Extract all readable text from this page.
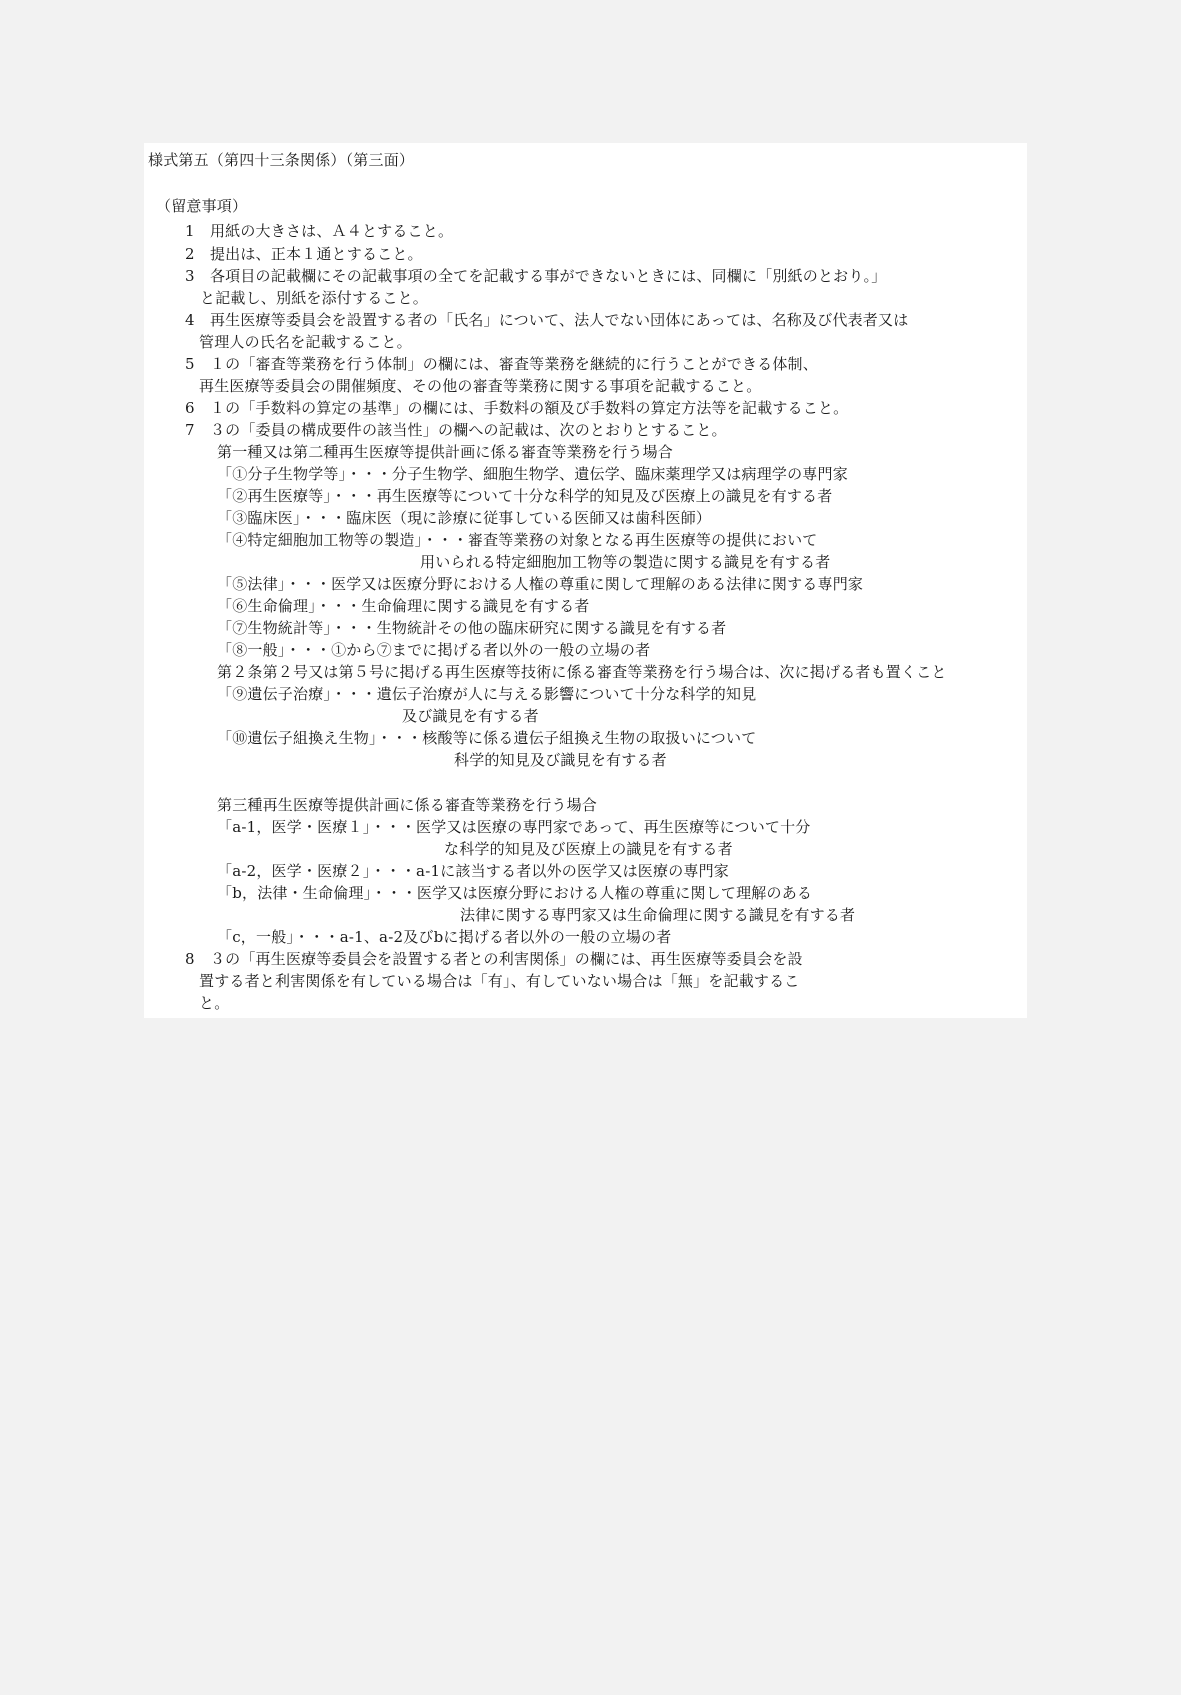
様式第五（第四十三条関係）（第三面）
（留意事項）
1　用紙の大きさは、Ａ４とすること。
2　提出は、正本１通とすること。
3　各項目の記載欄にその記載事項の全てを記載する事ができないときには、同欄に「別紙のとおり。」
と記載し、別紙を添付すること。
4　再生医療等委員会を設置する者の「氏名」について、法人でない団体にあっては、名称及び代表者又は
管理人の氏名を記載すること。
5　１の「審査等業務を行う体制」の欄には、審査等業務を継続的に行うことができる体制、
再生医療等委員会の開催頻度、その他の審査等業務に関する事項を記載すること。
6　１の「手数料の算定の基準」の欄には、手数料の額及び手数料の算定方法等を記載すること。
7　３の「委員の構成要件の該当性」の欄への記載は、次のとおりとすること。
第一種又は第二種再生医療等提供計画に係る審査等業務を行う場合
「①分子生物学等」・・・分子生物学、細胞生物学、遺伝学、臨床薬理学又は病理学の専門家
「②再生医療等」・・・再生医療等について十分な科学的知見及び医療上の識見を有する者
「③臨床医」・・・臨床医（現に診療に従事している医師又は歯科医師）
「④特定細胞加工物等の製造」・・・審査等業務の対象となる再生医療等の提供において
用いられる特定細胞加工物等の製造に関する識見を有する者
「⑤法律」・・・医学又は医療分野における人権の尊重に関して理解のある法律に関する専門家
「⑥生命倫理」・・・生命倫理に関する識見を有する者
「⑦生物統計等」・・・生物統計その他の臨床研究に関する識見を有する者
「⑧一般」・・・①から⑦までに掲げる者以外の一般の立場の者
第２条第２号又は第５号に掲げる再生医療等技術に係る審査等業務を行う場合は、次に掲げる者も置くこと
「⑨遺伝子治療」・・・遺伝子治療が人に与える影響について十分な科学的知見
及び識見を有する者
「⑩遺伝子組換え生物」・・・核酸等に係る遺伝子組換え生物の取扱いについて
科学的知見及び識見を有する者
第三種再生医療等提供計画に係る審査等業務を行う場合
「a-1，医学・医療１」・・・医学又は医療の専門家であって、再生医療等について十分
な科学的知見及び医療上の識見を有する者
「a-2，医学・医療２」・・・a-1に該当する者以外の医学又は医療の専門家
「b，法律・生命倫理」・・・医学又は医療分野における人権の尊重に関して理解のある
法律に関する専門家又は生命倫理に関する識見を有する者
「c，一般」・・・a-1、a-2及びbに掲げる者以外の一般の立場の者
8　３の「再生医療等委員会を設置する者との利害関係」の欄には、再生医療等委員会を設
置する者と利害関係を有している場合は「有」、有していない場合は「無」を記載するこ
と。
